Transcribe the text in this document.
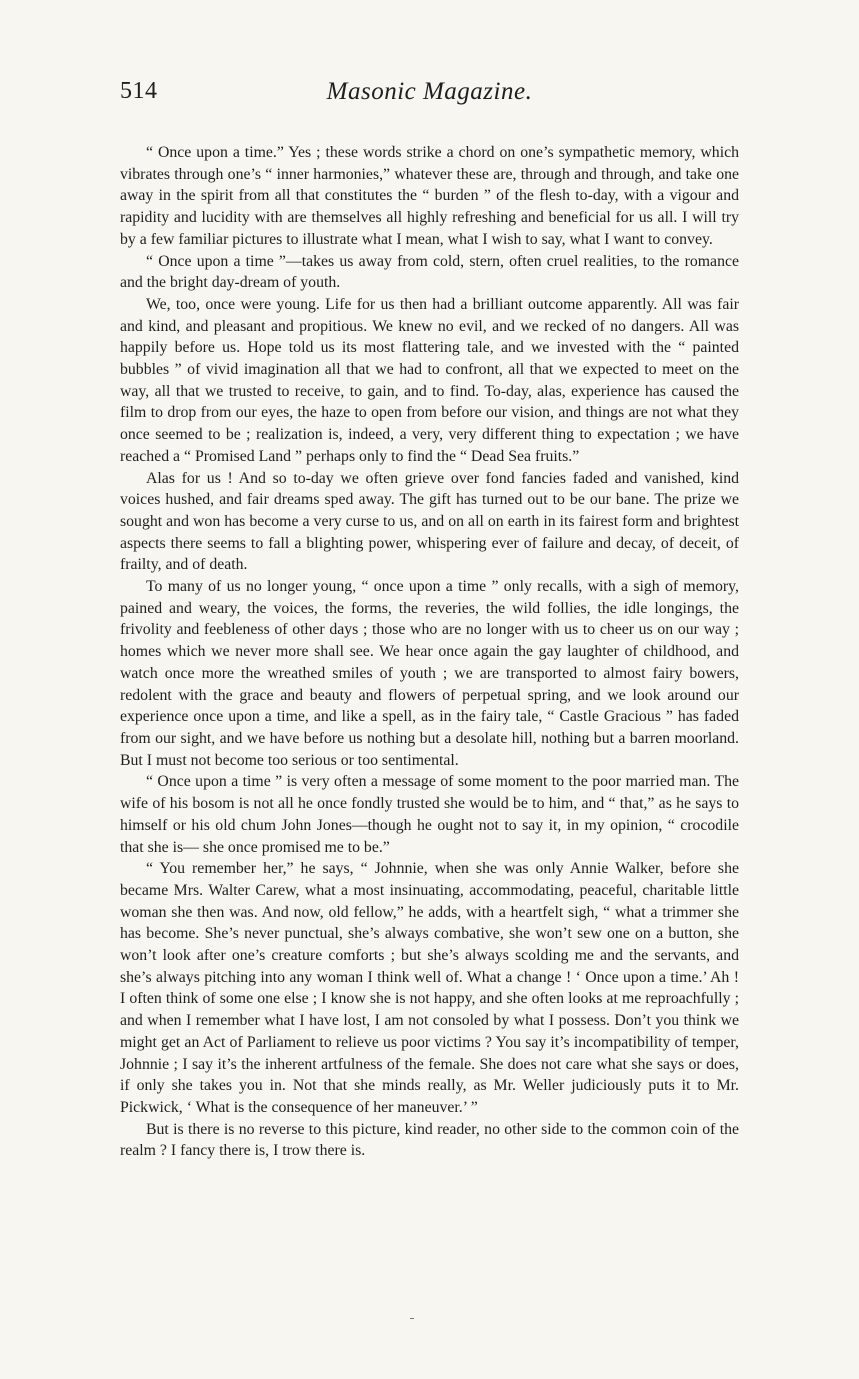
514	Masonic Magazine.

“ Once upon a time.” Yes ; these words strike a chord on one’s sympathetic memory, which vibrates through one’s “ inner harmonies,” whatever these are, through and through, and take one away in the spirit from all that constitutes the “ burden ” of the flesh to-day, with a vigour and rapidity and lucidity with are themselves all highly refreshing and beneficial for us all. I will try by a few familiar pictures to illustrate what I mean, what I wish to say, what I want to convey.

“ Once upon a time ”—takes us away from cold, stern, often cruel realities, to the romance and the bright day-dream of youth.

We, too, once were young. Life for us then had a brilliant outcome apparently. All was fair and kind, and pleasant and propitious. We knew no evil, and we recked of no dangers. All was happily before us. Hope told us its most flattering tale, and we invested with the “ painted bubbles ” of vivid imagination all that we had to confront, all that we expected to meet on the way, all that we trusted to receive, to gain, and to find. To-day, alas, experience has caused the film to drop from our eyes, the haze to open from before our vision, and things are not what they once seemed to be ; realization is, indeed, a very, very different thing to expectation ; we have reached a “ Promised Land ” perhaps only to find the “ Dead Sea fruits.”

Alas for us ! And so to-day we often grieve over fond fancies faded and vanished, kind voices hushed, and fair dreams sped away. The gift has turned out to be our bane. The prize we sought and won has become a very curse to us, and on all on earth in its fairest form and brightest aspects there seems to fall a blighting power, whispering ever of failure and decay, of deceit, of frailty, and of death.

To many of us no longer young, “ once upon a time ” only recalls, with a sigh of memory, pained and weary, the voices, the forms, the reveries, the wild follies, the idle longings, the frivolity and feebleness of other days ; those who are no longer with us to cheer us on our way ; homes which we never more shall see. We hear once again the gay laughter of childhood, and watch once more the wreathed smiles of youth ; we are transported to almost fairy bowers, redolent with the grace and beauty and flowers of perpetual spring, and we look around our experience once upon a time, and like a spell, as in the fairy tale, “ Castle Gracious ” has faded from our sight, and we have before us nothing but a desolate hill, nothing but a barren moorland. But I must not become too serious or too sentimental.

“ Once upon a time ” is very often a message of some moment to the poor married man. The wife of his bosom is not all he once fondly trusted she would be to him, and “ that,” as he says to himself or his old chum John Jones—though he ought not to say it, in my opinion, “ crocodile that she is— she once promised me to be.”

“ You remember her,” he says, “ Johnnie, when she was only Annie Walker, before she became Mrs. Walter Carew, what a most insinuating, accommodating, peaceful, charitable little woman she then was. And now, old fellow,” he adds, with a heartfelt sigh, “ what a trimmer she has become. She’s never punctual, she’s always combative, she won’t sew one on a button, she won’t look after one’s creature comforts ; but she’s always scolding me and the servants, and she’s always pitching into any woman I think well of. What a change ! ‘ Once upon a time.’ Ah ! I often think of some one else ; I know she is not happy, and she often looks at me reproachfully ; and when I remember what I have lost, I am not consoled by what I possess. Don’t you think we might get an Act of Parliament to relieve us poor victims ? You say it’s incompatibility of temper, Johnnie ; I say it’s the inherent artfulness of the female. She does not care what she says or does, if only she takes you in. Not that she minds really, as Mr. Weller judiciously puts it to Mr. Pickwick, ‘ What is the consequence of her maneuver.’ ”

But is there is no reverse to this picture, kind reader, no other side to the common coin of the realm ? I fancy there is, I trow there is.
